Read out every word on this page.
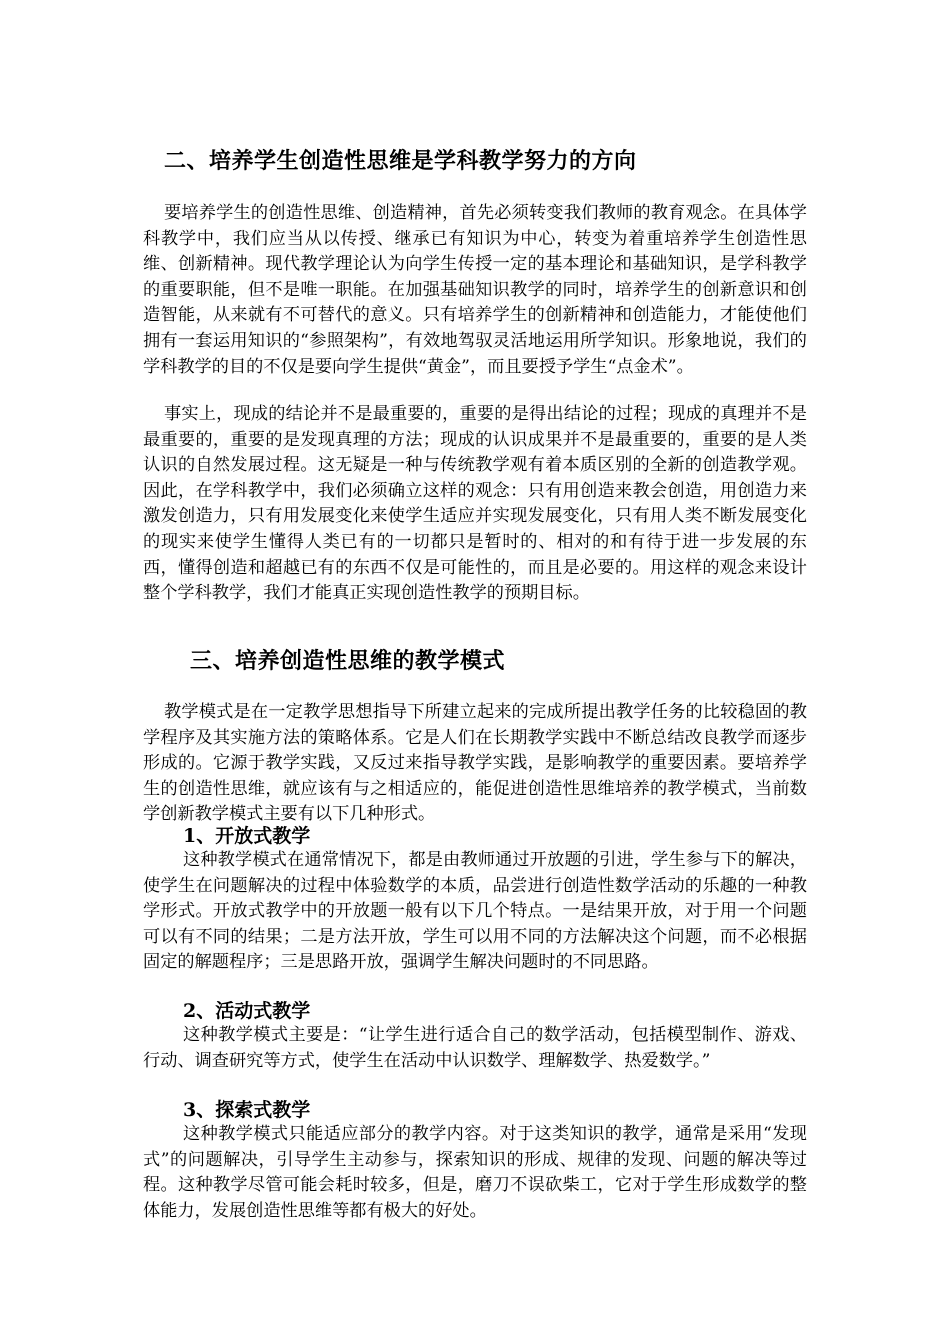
二、培养学生创造性思维是学科教学努力的方向

要培养学生的创造性思维、创造精神，首先必须转变我们教师的教育观念。在具体学科教学中，我们应当从以传授、继承已有知识为中心，转变为着重培养学生创造性思维、创新精神。现代教学理论认为向学生传授一定的基本理论和基础知识，是学科教学的重要职能，但不是唯一职能。在加强基础知识教学的同时，培养学生的创新意识和创造智能，从来就有不可替代的意义。只有培养学生的创新精神和创造能力，才能使他们拥有一套运用知识的“参照架构”，有效地驾驭灵活地运用所学知识。形象地说，我们的学科教学的目的不仅是要向学生提供“黄金”，而且要授予学生“点金术”。

事实上，现成的结论并不是最重要的，重要的是得出结论的过程；现成的真理并不是最重要的，重要的是发现真理的方法；现成的认识成果并不是最重要的，重要的是人类认识的自然发展过程。这无疑是一种与传统教学观有着本质区别的全新的创造教学观。因此，在学科教学中，我们必须确立这样的观念：只有用创造来教会创造，用创造力来激发创造力，只有用发展变化来使学生适应并实现发展变化，只有用人类不断发展变化的现实来使学生懂得人类已有的一切都只是暂时的、相对的和有待于进一步发展的东西，懂得创造和超越已有的东西不仅是可能性的，而且是必要的。用这样的观念来设计整个学科教学，我们才能真正实现创造性教学的预期目标。

三、培养创造性思维的教学模式

教学模式是在一定教学思想指导下所建立起来的完成所提出教学任务的比较稳固的教学程序及其实施方法的策略体系。它是人们在长期教学实践中不断总结改良教学而逐步形成的。它源于教学实践，又反过来指导教学实践，是影响教学的重要因素。要培养学生的创造性思维，就应该有与之相适应的，能促进创造性思维培养的教学模式，当前数学创新教学模式主要有以下几种形式。

1、开放式教学

这种教学模式在通常情况下，都是由教师通过开放题的引进，学生参与下的解决，使学生在问题解决的过程中体验数学的本质，品尝进行创造性数学活动的乐趣的一种教学形式。开放式教学中的开放题一般有以下几个特点。一是结果开放，对于用一个问题可以有不同的结果；二是方法开放，学生可以用不同的方法解决这个问题，而不必根据固定的解题程序；三是思路开放，强调学生解决问题时的不同思路。

2、活动式教学

这种教学模式主要是：“让学生进行适合自己的数学活动，包括模型制作、游戏、行动、调查研究等方式，使学生在活动中认识数学、理解数学、热爱数学。”

3、探索式教学

这种教学模式只能适应部分的教学内容。对于这类知识的教学，通常是采用“发现式”的问题解决，引导学生主动参与，探索知识的形成、规律的发现、问题的解决等过程。这种教学尽管可能会耗时较多，但是，磨刀不误砍柴工，它对于学生形成数学的整体能力，发展创造性思维等都有极大的好处。
